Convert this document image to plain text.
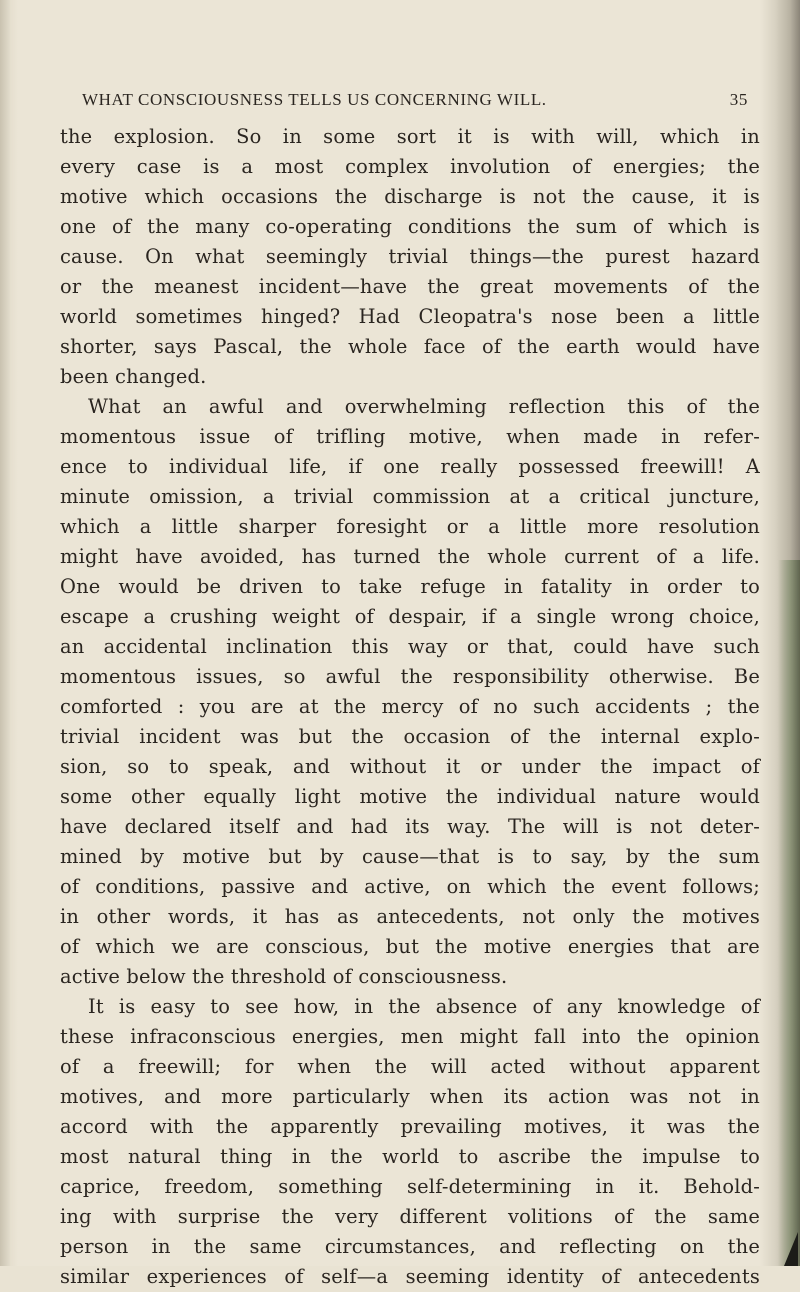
WHAT CONSCIOUSNESS TELLS US CONCERNING WILL.	35
the explosion. So in some sort it is with will, which in
every case is a most complex involution of energies; the
motive which occasions the discharge is not the cause, it is
one of the many co-operating conditions the sum of which is
cause. On what seemingly trivial things—the purest hazard
or the meanest incident—have the great movements of the
world sometimes hinged? Had Cleopatra's nose been a little
shorter, says Pascal, the whole face of the earth would have
been changed.
What an awful and overwhelming reflection this of the
momentous issue of trifling motive, when made in refer-
ence to individual life, if one really possessed freewill! A
minute omission, a trivial commission at a critical juncture,
which a little sharper foresight or a little more resolution
might have avoided, has turned the whole current of a life.
One would be driven to take refuge in fatality in order to
escape a crushing weight of despair, if a single wrong choice,
an accidental inclination this way or that, could have such
momentous issues, so awful the responsibility otherwise. Be
comforted : you are at the mercy of no such accidents ; the
trivial incident was but the occasion of the internal explo-
sion, so to speak, and without it or under the impact of
some other equally light motive the individual nature would
have declared itself and had its way. The will is not deter-
mined by motive but by cause—that is to say, by the sum
of conditions, passive and active, on which the event follows;
in other words, it has as antecedents, not only the motives
of which we are conscious, but the motive energies that are
active below the threshold of consciousness.
It is easy to see how, in the absence of any knowledge of
these infraconscious energies, men might fall into the opinion
of a freewill; for when the will acted without apparent
motives, and more particularly when its action was not in
accord with the apparently prevailing motives, it was the
most natural thing in the world to ascribe the impulse to
caprice, freedom, something self-determining in it. Behold-
ing with surprise the very different volitions of the same
person in the same circumstances, and reflecting on the
similar experiences of self—a seeming identity of antecedents
